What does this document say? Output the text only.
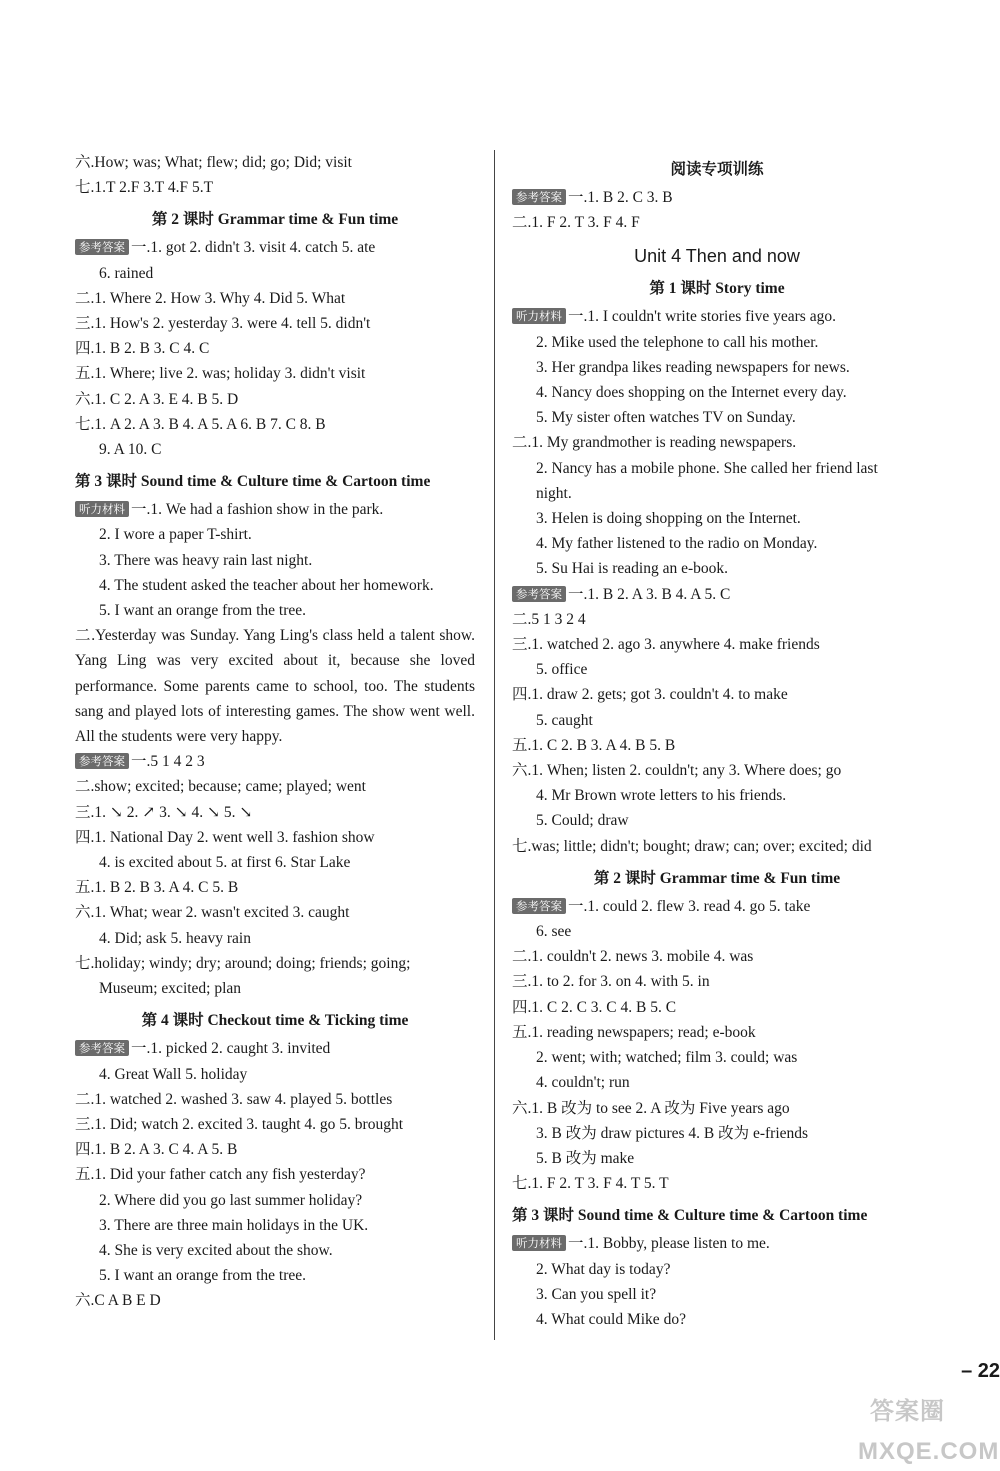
六.How; was; What; flew; did; go; Did; visit
七.1.T 2.F 3.T 4.F 5.T
第 2 课时 Grammar time & Fun time
参考答案 一.1. got 2. didn't 3. visit 4. catch 5. ate
6. rained
二.1. Where 2. How 3. Why 4. Did 5. What
三.1. How's 2. yesterday 3. were 4. tell 5. didn't
四.1. B 2. B 3. C 4. C
五.1. Where; live 2. was; holiday 3. didn't visit
六.1. C 2. A 3. E 4. B 5. D
七.1. A 2. A 3. B 4. A 5. A 6. B 7. C 8. B
9. A 10. C
第 3 课时 Sound time & Culture time & Cartoon time
听力材料 一.1. We had a fashion show in the park.
2. I wore a paper T-shirt.
3. There was heavy rain last night.
4. The student asked the teacher about her homework.
5. I want an orange from the tree.
二.Yesterday was Sunday. Yang Ling's class held a talent show. Yang Ling was very excited about it, because she loved performance. Some parents came to school, too. The students sang and played lots of interesting games. The show went well. All the students were very happy.
参考答案 一.5 1 4 2 3
二.show; excited; because; came; played; went
三.1. ↘ 2. ↗ 3. ↘ 4. ↘ 5. ↘
四.1. National Day 2. went well 3. fashion show
4. is excited about 5. at first 6. Star Lake
五.1. B 2. B 3. A 4. C 5. B
六.1. What; wear 2. wasn't excited 3. caught
4. Did; ask 5. heavy rain
七.holiday; windy; dry; around; doing; friends; going;
Museum; excited; plan
第 4 课时 Checkout time & Ticking time
参考答案 一.1. picked 2. caught 3. invited
4. Great Wall 5. holiday
二.1. watched 2. washed 3. saw 4. played 5. bottles
三.1. Did; watch 2. excited 3. taught 4. go 5. brought
四.1. B 2. A 3. C 4. A 5. B
五.1. Did your father catch any fish yesterday?
2. Where did you go last summer holiday?
3. There are three main holidays in the UK.
4. She is very excited about the show.
5. I want an orange from the tree.
六.C A B E D
阅读专项训练
参考答案 一.1. B 2. C 3. B
二.1. F 2. T 3. F 4. F
Unit 4 Then and now
第 1 课时 Story time
听力材料 一.1. I couldn't write stories five years ago.
2. Mike used the telephone to call his mother.
3. Her grandpa likes reading newspapers for news.
4. Nancy does shopping on the Internet every day.
5. My sister often watches TV on Sunday.
二.1. My grandmother is reading newspapers.
2. Nancy has a mobile phone. She called her friend last
night.
3. Helen is doing shopping on the Internet.
4. My father listened to the radio on Monday.
5. Su Hai is reading an e-book.
参考答案 一.1. B 2. A 3. B 4. A 5. C
二.5 1 3 2 4
三.1. watched 2. ago 3. anywhere 4. make friends
5. office
四.1. draw 2. gets; got 3. couldn't 4. to make
5. caught
五.1. C 2. B 3. A 4. B 5. B
六.1. When; listen 2. couldn't; any 3. Where does; go
4. Mr Brown wrote letters to his friends.
5. Could; draw
七.was; little; didn't; bought; draw; can; over; excited; did
第 2 课时 Grammar time & Fun time
参考答案 一.1. could 2. flew 3. read 4. go 5. take
6. see
二.1. couldn't 2. news 3. mobile 4. was
三.1. to 2. for 3. on 4. with 5. in
四.1. C 2. C 3. C 4. B 5. C
五.1. reading newspapers; read; e-book
2. went; with; watched; film 3. could; was
4. couldn't; run
六.1. B 改为 to see 2. A 改为 Five years ago
3. B 改为 draw pictures 4. B 改为 e-friends
5. B 改为 make
七.1. F 2. T 3. F 4. T 5. T
第 3 课时 Sound time & Culture time & Cartoon time
听力材料 一.1. Bobby, please listen to me.
2. What day is today?
3. Can you spell it?
4. What could Mike do?
– 22
答案圈
MXQE.COM
